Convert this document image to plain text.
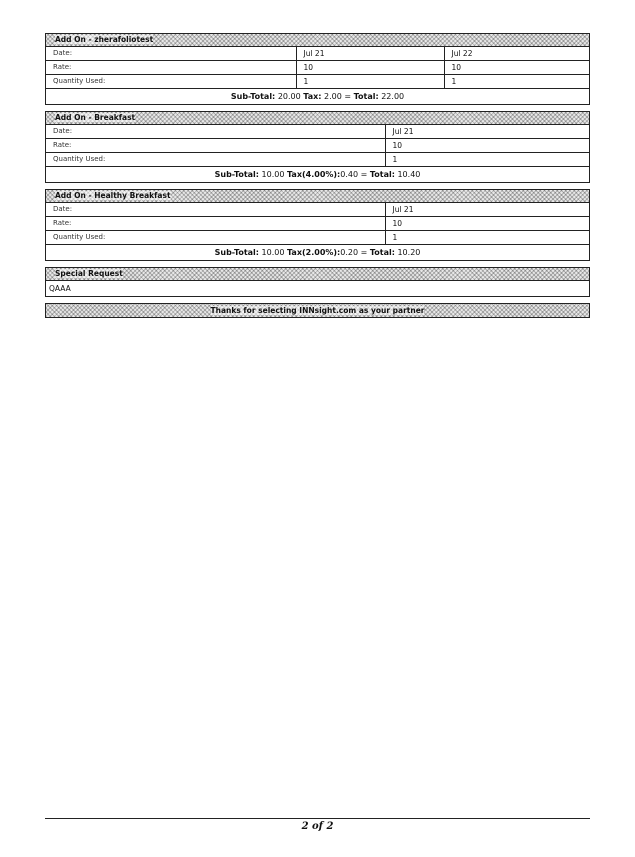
Add On - zherafoliotest
Date:	Jul 21	Jul 22
Rate:	10	10
Quantity Used:	1	1
Sub-Total: 20.00 Tax: 2.00 = Total: 22.00
Add On - Breakfast
Date:	Jul 21
Rate:	10
Quantity Used:	1
Sub-Total: 10.00 Tax(4.00%):0.40 = Total: 10.40
Add On - Healthy Breakfast
Date:	Jul 21
Rate:	10
Quantity Used:	1
Sub-Total: 10.00 Tax(2.00%):0.20 = Total: 10.20
Special Request
QAAA
Thanks for selecting INNsight.com as your partner
2 of 2
